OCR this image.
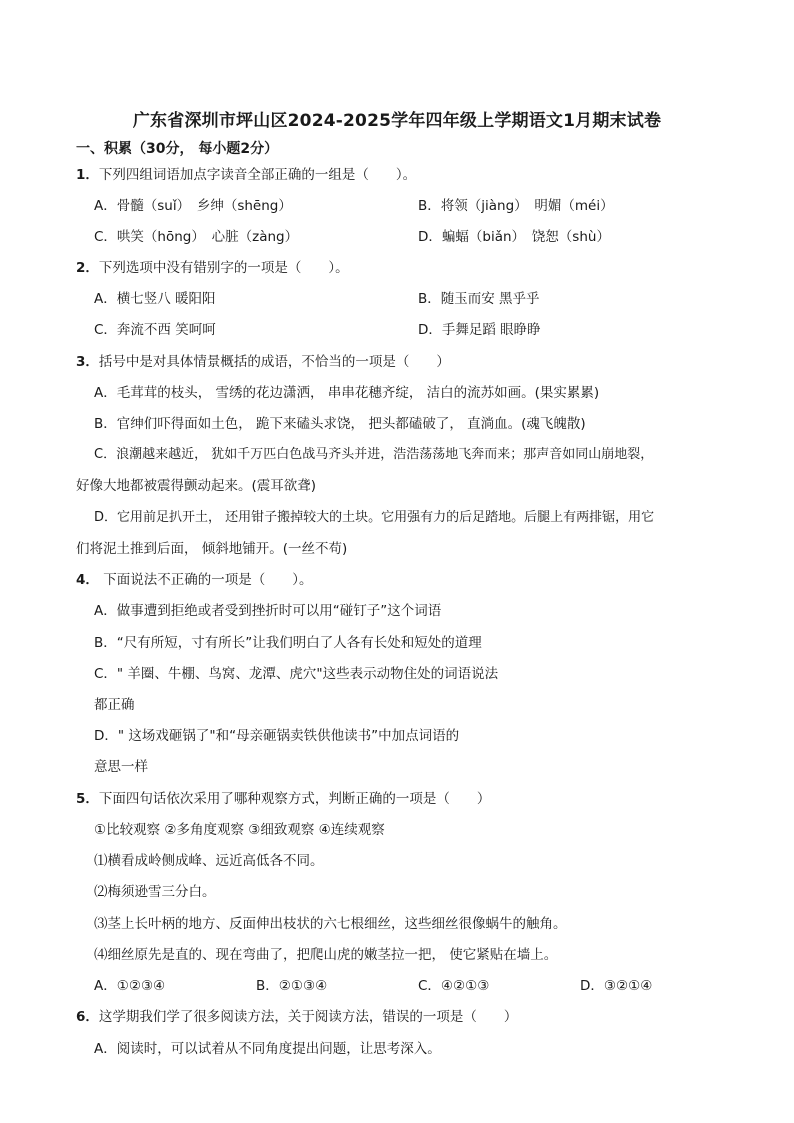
广东省深圳市坪山区2024-2025学年四年级上学期语文1月期末试卷
一、积累（30分， 每小题2分）
1．下列四组词语加点字读音全部正确的一组是（　　）。
A．骨髓（suǐ）　乡绅（shēng）	B．将领（jiàng）　明媚（méi）
C．哄笑（hōng）　心脏（zàng）	D．蝙蝠（biǎn）　饶恕（shù）
2．下列选项中没有错别字的一项是（　　）。
A．横七竖八 暖阳阳	B．随玉而安 黑乎乎
C．奔流不西 笑呵呵	D．手舞足蹈 眼睁睁
3．括号中是对具体情景概括的成语，不恰当的一项是（　　）
A．毛茸茸的枝头， 雪绣的花边潇洒， 串串花穗齐绽， 洁白的流苏如画。(果实累累)
B．官绅们吓得面如土色， 跪下来磕头求饶， 把头都磕破了， 直淌血。(魂飞魄散)
C．浪潮越来越近， 犹如千万匹白色战马齐头并进，浩浩荡荡地飞奔而来；那声音如同山崩地裂，
好像大地都被震得颤动起来。(震耳欲聋)
D．它用前足扒开土， 还用钳子搬掉较大的土块。它用强有力的后足踏地。后腿上有两排锯，用它
们将泥土推到后面， 倾斜地铺开。(一丝不苟)
4． 下面说法不正确的一项是（　　）。
A．做事遭到拒绝或者受到挫折时可以用“碰钉子”这个词语
B．“尺有所短，寸有所长”让我们明白了人各有长处和短处的道理
C．" 羊圈、牛棚、鸟窝、龙潭、虎穴"这些表示动物住处的词语说法
都正确
D．" 这场戏砸锅了"和“母亲砸锅卖铁供他读书”中加点词语的
意思一样
5．下面四句话依次采用了哪种观察方式，判断正确的一项是（　　）
①比较观察 ②多角度观察 ③细致观察 ④连续观察
⑴横看成岭侧成峰、远近高低各不同。
⑵梅须逊雪三分白。
⑶茎上长叶柄的地方、反面伸出枝状的六七根细丝，这些细丝很像蜗牛的触角。
⑷细丝原先是直的、现在弯曲了，把爬山虎的嫩茎拉一把， 使它紧贴在墙上。
A．①②③④	B．②①③④	C．④②①③	D．③②①④
6．这学期我们学了很多阅读方法，关于阅读方法，错误的一项是（　　）
A．阅读时，可以试着从不同角度提出问题，让思考深入。
